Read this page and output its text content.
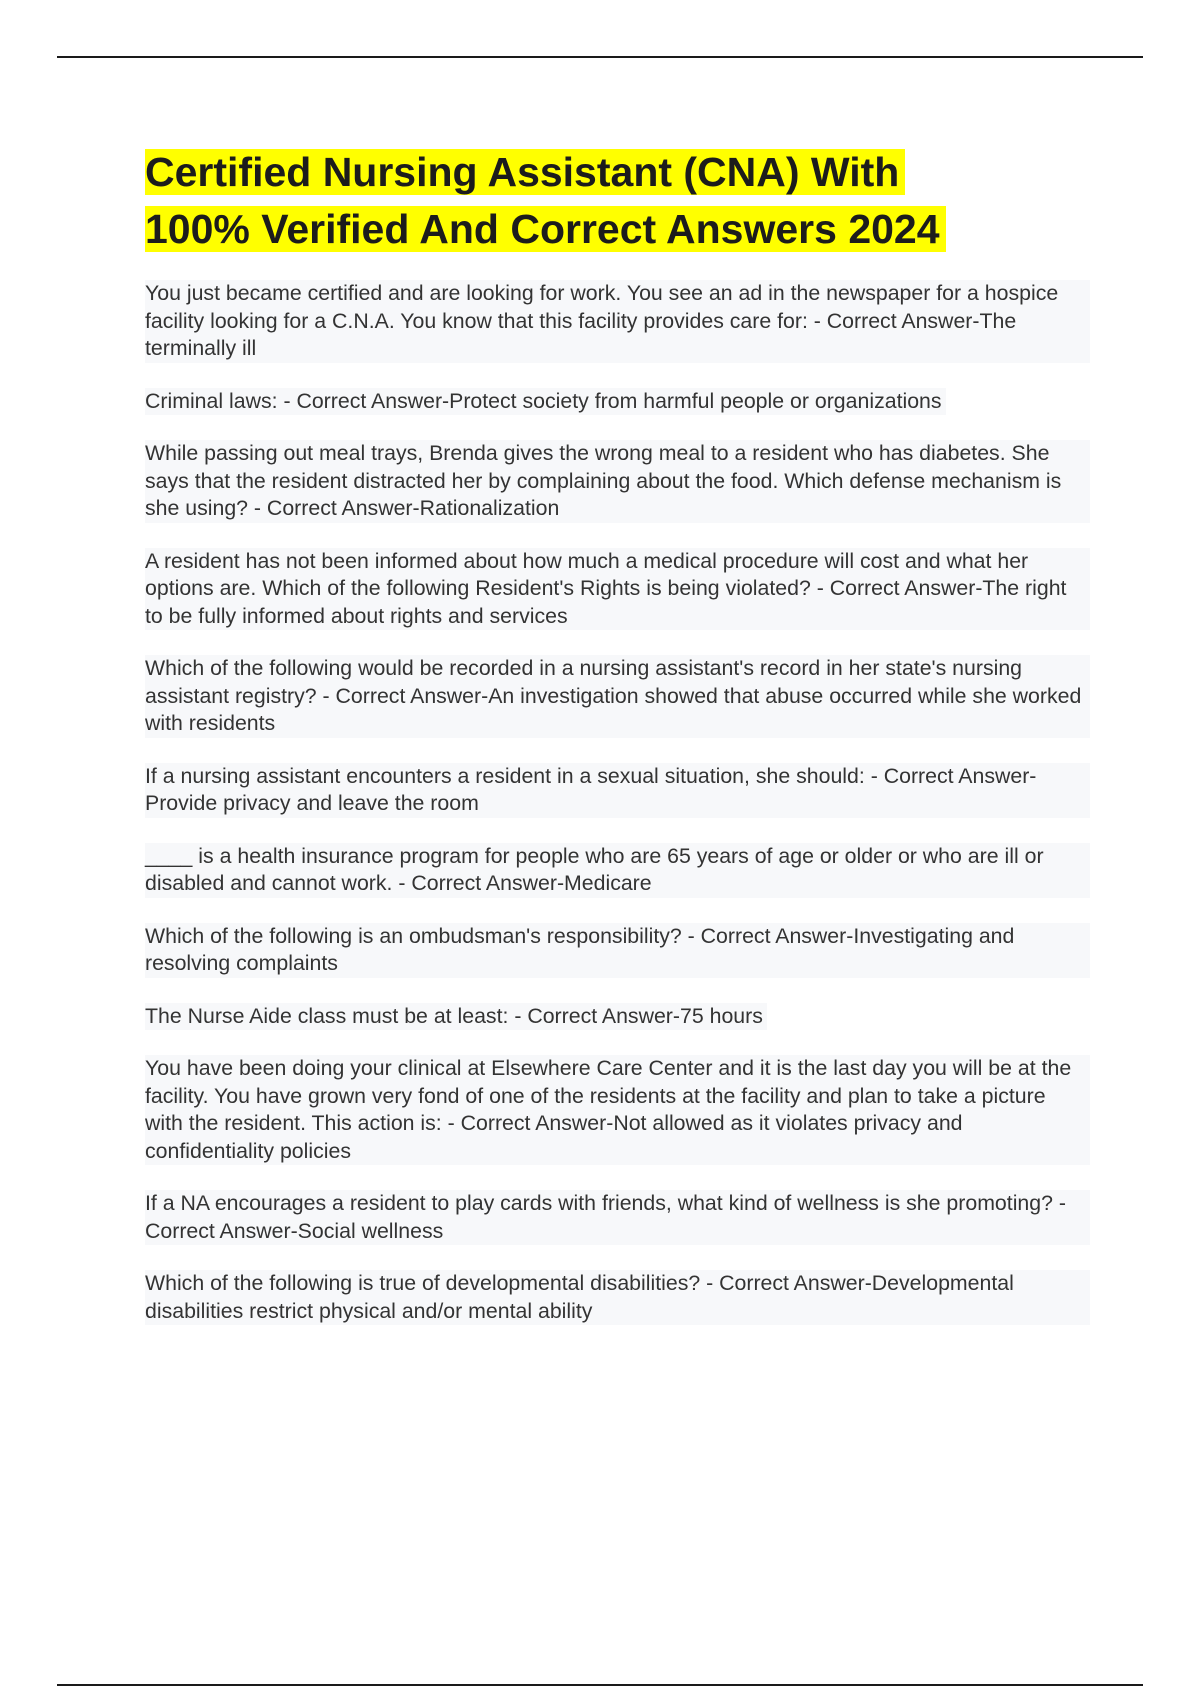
Certified Nursing Assistant (CNA) With
100% Verified And Correct Answers 2024
You just became certified and are looking for work. You see an ad in the newspaper for a hospice facility looking for a C.N.A. You know that this facility provides care for: - Correct Answer-The terminally ill
Criminal laws: - Correct Answer-Protect society from harmful people or organizations
While passing out meal trays, Brenda gives the wrong meal to a resident who has diabetes. She says that the resident distracted her by complaining about the food. Which defense mechanism is she using? - Correct Answer-Rationalization
A resident has not been informed about how much a medical procedure will cost and what her options are. Which of the following Resident's Rights is being violated? - Correct Answer-The right to be fully informed about rights and services
Which of the following would be recorded in a nursing assistant's record in her state's nursing assistant registry? - Correct Answer-An investigation showed that abuse occurred while she worked with residents
If a nursing assistant encounters a resident in a sexual situation, she should: - Correct Answer-Provide privacy and leave the room
____ is a health insurance program for people who are 65 years of age or older or who are ill or disabled and cannot work. - Correct Answer-Medicare
Which of the following is an ombudsman's responsibility? - Correct Answer-Investigating and resolving complaints
The Nurse Aide class must be at least: - Correct Answer-75 hours
You have been doing your clinical at Elsewhere Care Center and it is the last day you will be at the facility. You have grown very fond of one of the residents at the facility and plan to take a picture with the resident. This action is: - Correct Answer-Not allowed as it violates privacy and confidentiality policies
If a NA encourages a resident to play cards with friends, what kind of wellness is she promoting? - Correct Answer-Social wellness
Which of the following is true of developmental disabilities? - Correct Answer-Developmental disabilities restrict physical and/or mental ability
